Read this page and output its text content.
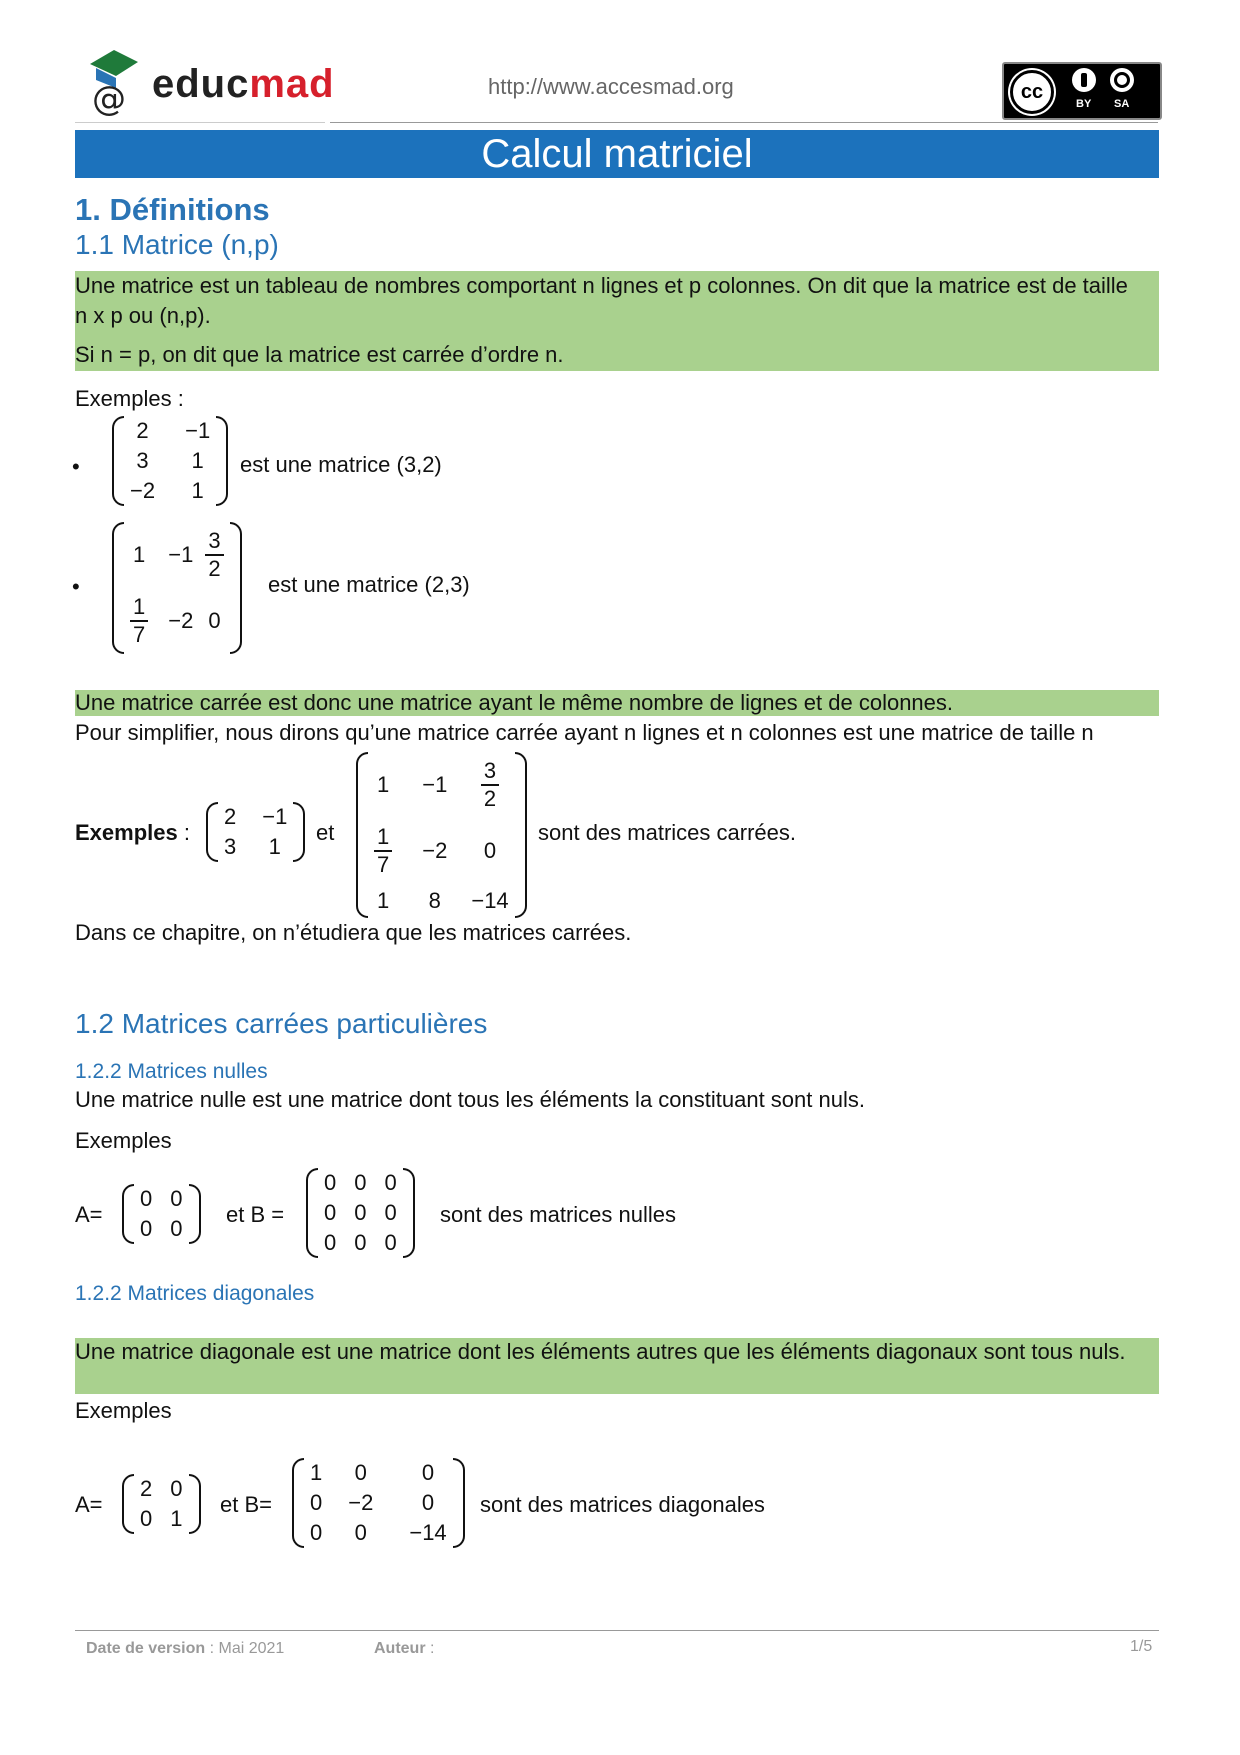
@ educmad	http://www.accesmad.org	cc
BY SA
Calcul matriciel
1. Définitions
1.1 Matrice (n,p)
Une matrice est un tableau de nombres comportant n lignes et p colonnes. On dit que la matrice est de taille n x p ou (n,p).
Si n = p, on dit que la matrice est carrée d’ordre n.
Exemples :
•
2	−1
3	1
−2	1
est une matrice (3,2)
•
1	−1	$\frac{3}{2}$

$\frac{1}{7}$	−2	0
est une matrice (2,3)
Une matrice carrée est donc une matrice ayant le même nombre de lignes et de colonnes.
Pour simplifier, nous dirons qu’une matrice carrée ayant n lignes et n colonnes est une matrice de taille n
Exemples :
2	−1
3	1
et
1	−1	$\frac{3}{2}$

$\frac{1}{7}$	−2	0
1	8	−14
sont des matrices carrées.
Dans ce chapitre, on n’étudiera que les matrices carrées.
1.2 Matrices carrées particulières
1.2.2 Matrices nulles
Une matrice nulle est une matrice dont tous les éléments la constituant sont nuls.
Exemples
A=
0	0
0	0
et B =
0	0	0
0	0	0
0	0	0
sont des matrices nulles
1.2.2 Matrices diagonales
Une matrice diagonale est une matrice dont les éléments autres que les éléments diagonaux sont tous nuls.
Exemples
A=
2	0
0	1
et B=
1	0	0
0	−2	0
0	0	−14
sont des matrices diagonales
Date de version : Mai 2021	Auteur :	1/5
